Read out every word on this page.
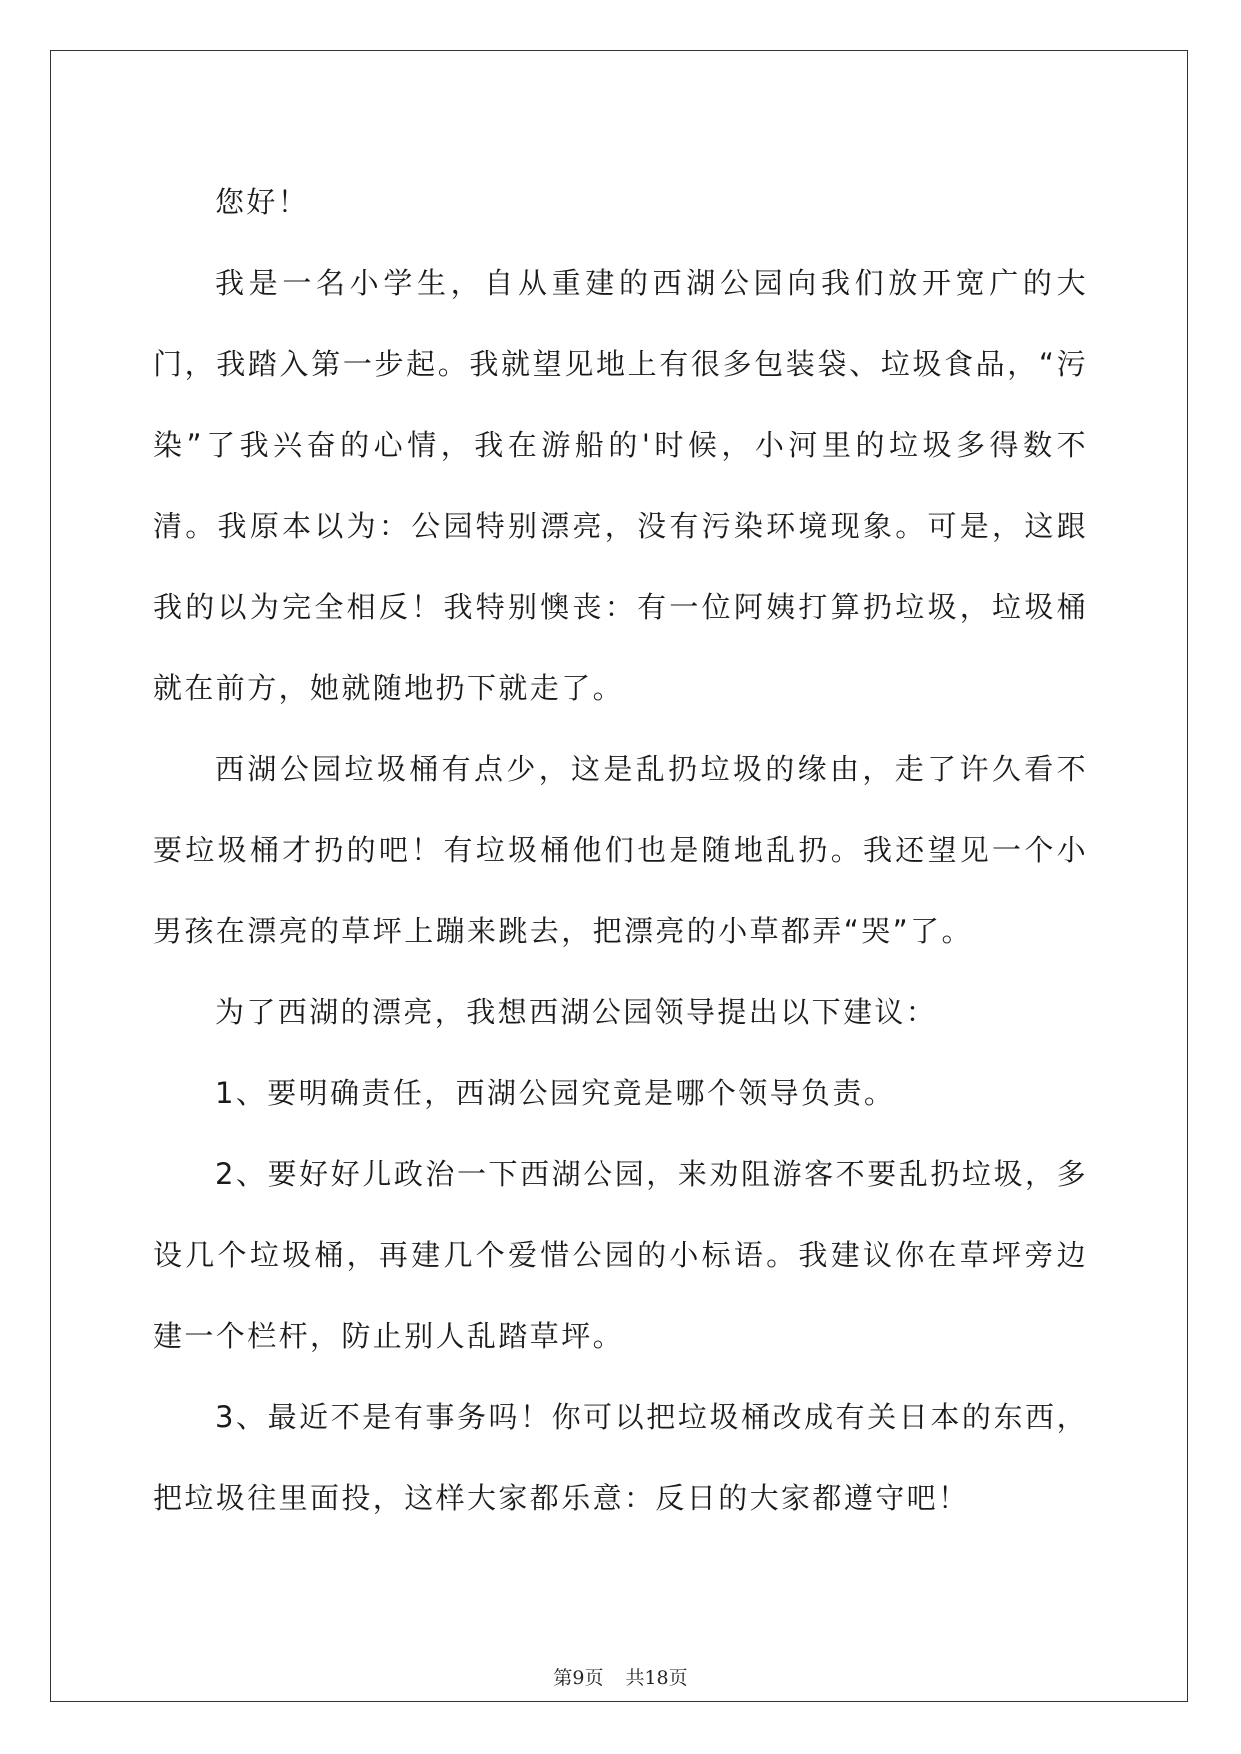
您好！

我是一名小学生，自从重建的西湖公园向我们放开宽广的大门，我踏入第一步起。我就望见地上有很多包装袋、垃圾食品，“污染”了我兴奋的心情，我在游船的'时候，小河里的垃圾多得数不清。我原本以为：公园特别漂亮，没有污染环境现象。可是，这跟我的以为完全相反！我特别懊丧：有一位阿姨打算扔垃圾，垃圾桶就在前方，她就随地扔下就走了。

西湖公园垃圾桶有点少，这是乱扔垃圾的缘由，走了许久看不要垃圾桶才扔的吧！有垃圾桶他们也是随地乱扔。我还望见一个小男孩在漂亮的草坪上蹦来跳去，把漂亮的小草都弄“哭”了。

为了西湖的漂亮，我想西湖公园领导提出以下建议：

1、要明确责任，西湖公园究竟是哪个领导负责。

2、要好好儿政治一下西湖公园，来劝阻游客不要乱扔垃圾，多设几个垃圾桶，再建几个爱惜公园的小标语。我建议你在草坪旁边建一个栏杆，防止别人乱踏草坪。

3、最近不是有事务吗！你可以把垃圾桶改成有关日本的东西，把垃圾往里面投，这样大家都乐意：反日的大家都遵守吧！

第9页 共18页
